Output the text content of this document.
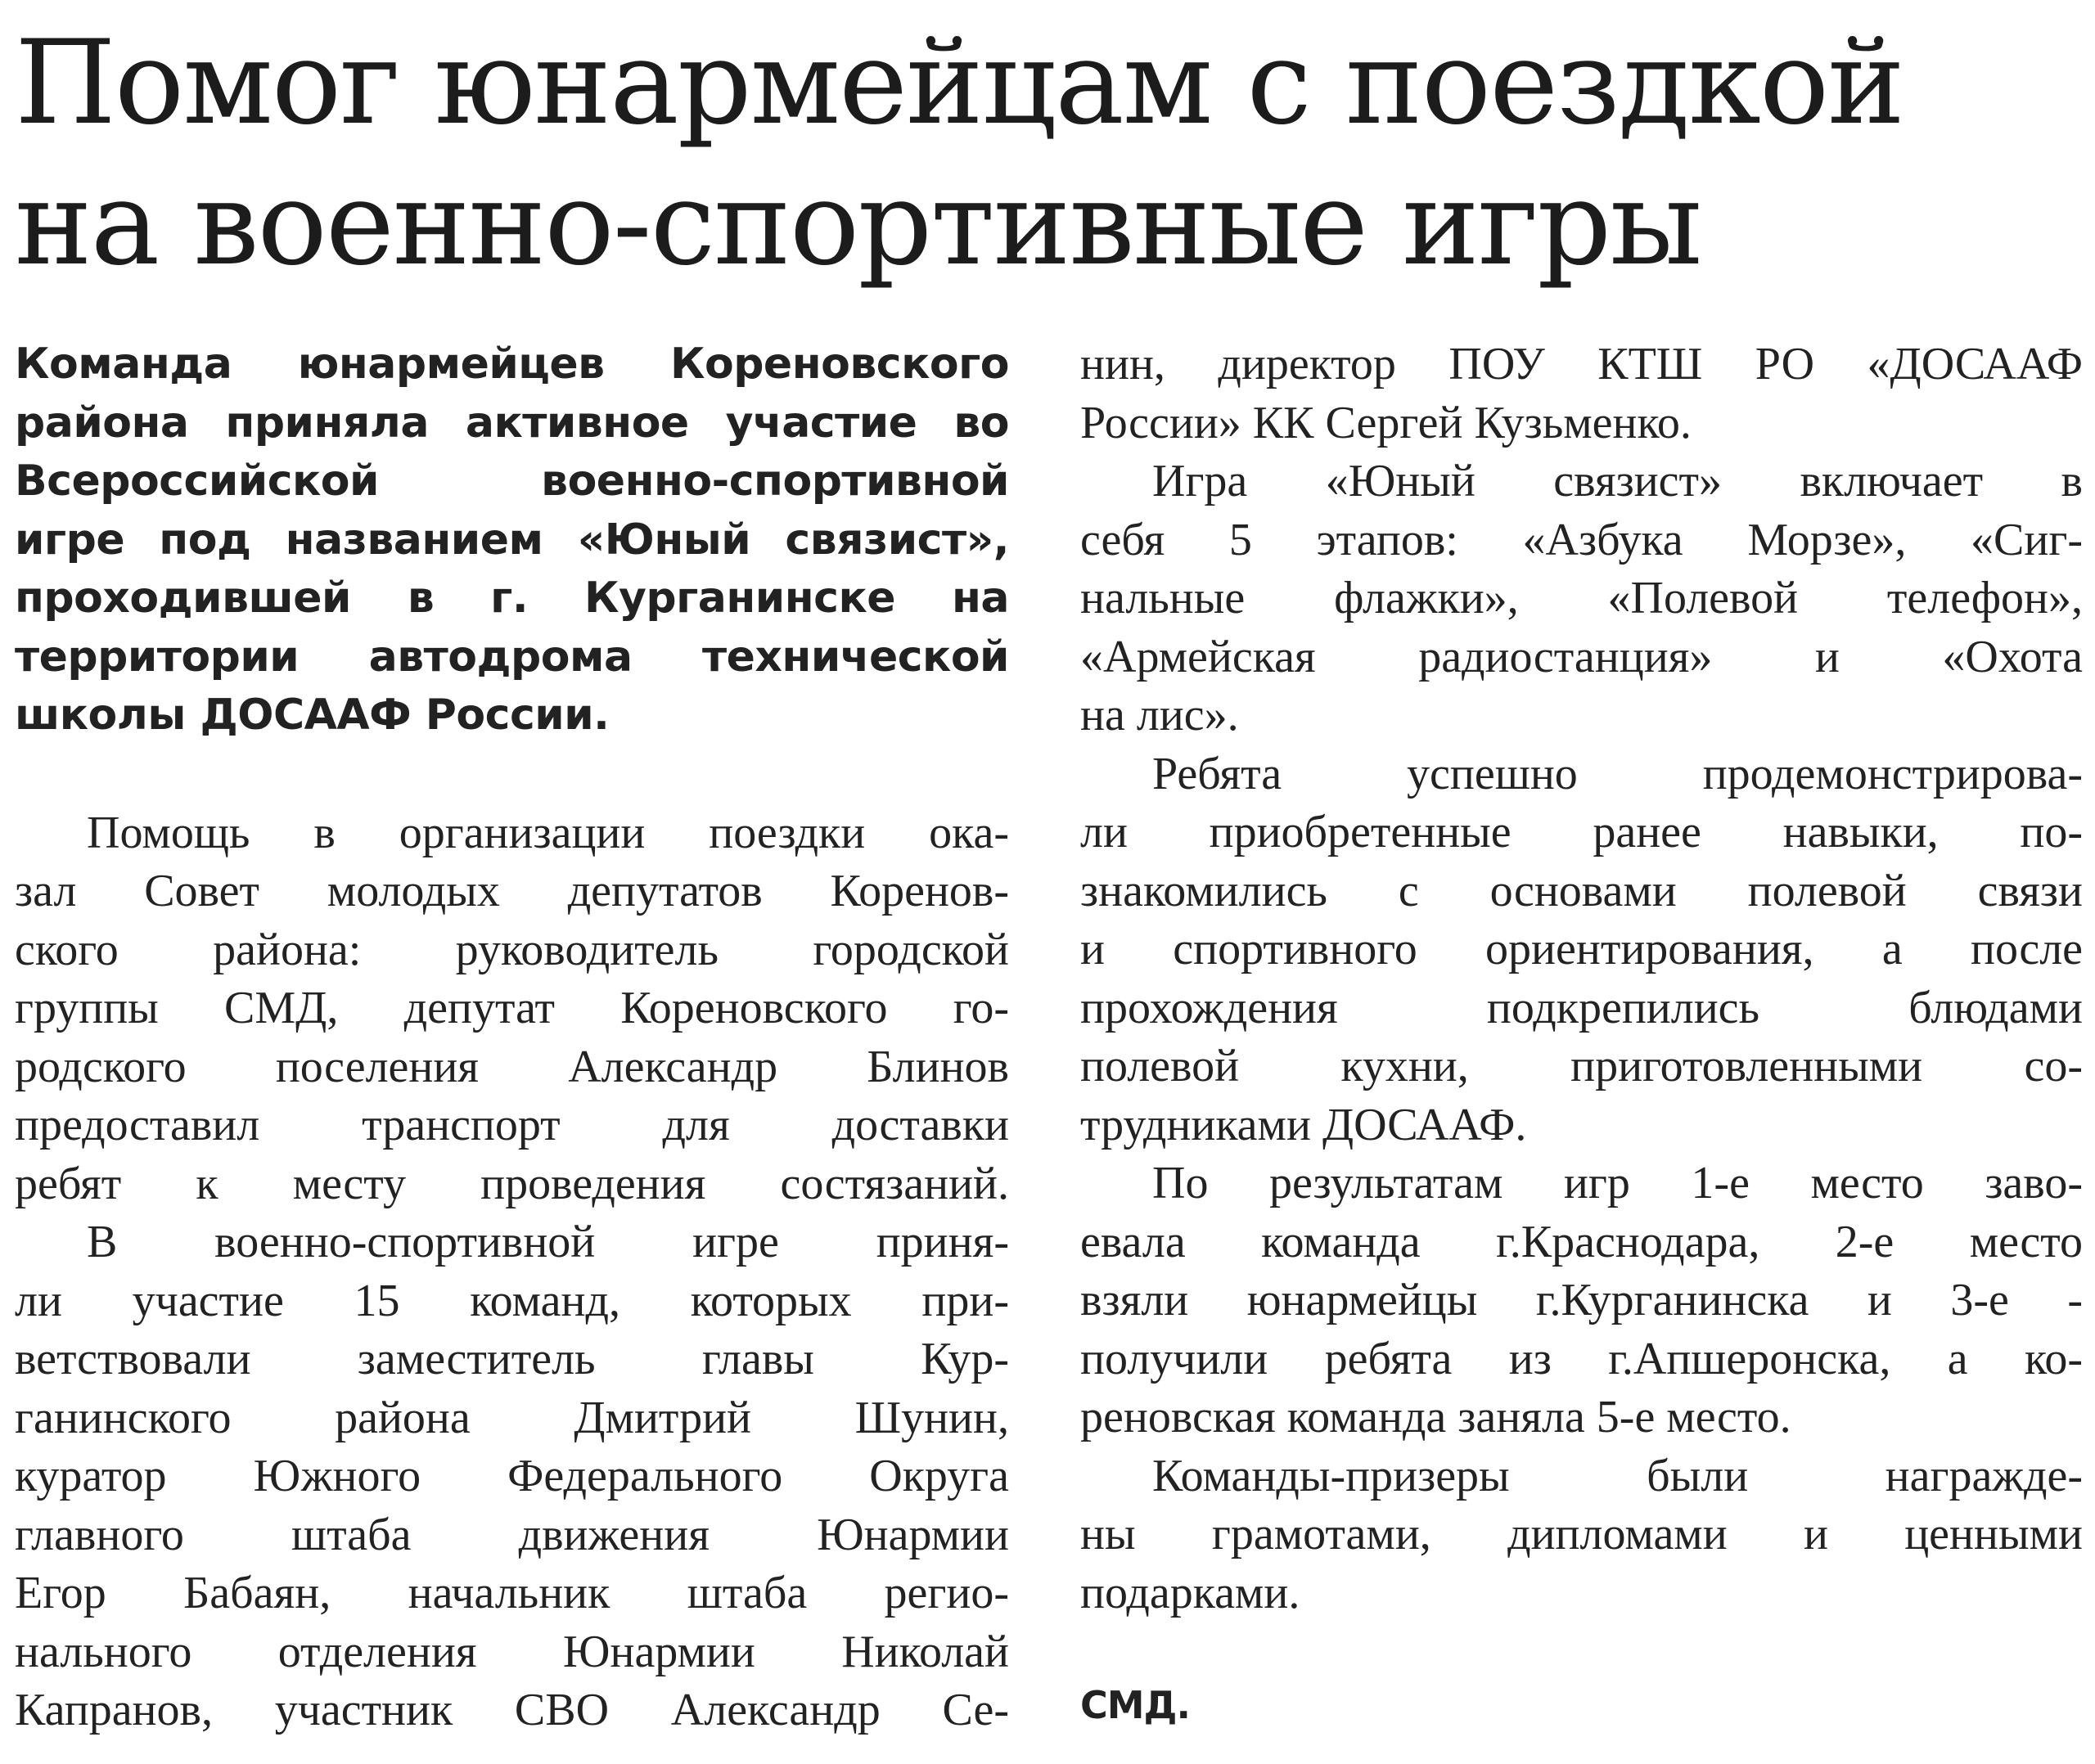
Помог юнармейцам с поездкой
на военно-спортивные игры
Команда юнармейцев Кореновского
района приняла активное участие во
Всероссийской военно-спортивной
игре под названием «Юный связист»,
проходившей в г. Курганинске на
территории автодрома технической
школы ДОСААФ России.
Помощь в организации поездки ока-
зал Совет молодых депутатов Коренов-
ского района: руководитель городской
группы СМД, депутат Кореновского го-
родского поселения Александр Блинов
предоставил транспорт для доставки
ребят к месту проведения состязаний.
В военно-спортивной игре приня-
ли участие 15 команд, которых при-
ветствовали заместитель главы Кур-
ганинского района Дмитрий Шунин,
куратор Южного Федерального Округа
главного штаба движения Юнармии
Егор Бабаян, начальник штаба регио-
нального отделения Юнармии Николай
Капранов, участник СВО Александр Се-
нин, директор ПОУ КТШ РО «ДОСААФ
России» КК Сергей Кузьменко.
Игра «Юный связист» включает в
себя 5 этапов: «Азбука Морзе», «Сиг-
нальные флажки», «Полевой телефон»,
«Армейская радиостанция» и «Охота
на лис».
Ребята успешно продемонстрирова-
ли приобретенные ранее навыки, по-
знакомились с основами полевой связи
и спортивного ориентирования, а после
прохождения подкрепились блюдами
полевой кухни, приготовленными со-
трудниками ДОСААФ.
По результатам игр 1-е место заво-
евала команда г.Краснодара, 2-е место
взяли юнармейцы г.Курганинска и 3-е -
получили ребята из г.Апшеронска, а ко-
реновская команда заняла 5-е место.
Команды-призеры были награжде-
ны грамотами, дипломами и ценными
подарками.
СМД.
